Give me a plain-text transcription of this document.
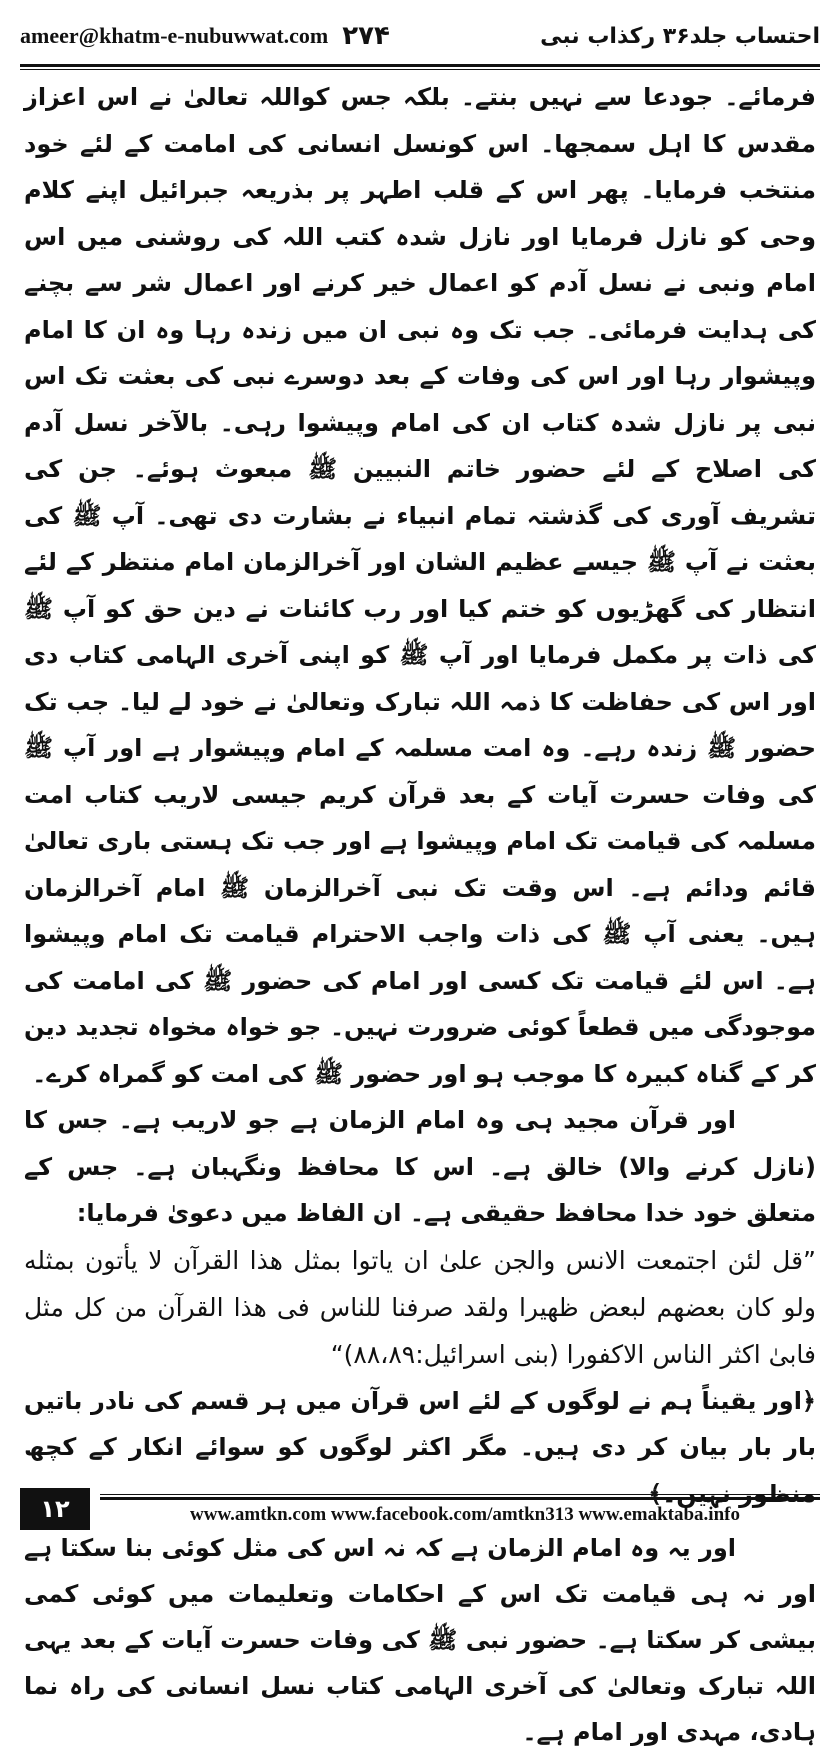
ameer@khatm-e-nubuwwat.com ۲۷۴	احتساب جلد۳۶ رکذاب نبی

فرمائے۔ جودعا سے نہیں بنتے۔ بلکہ جس کواللہ تعالیٰ نے اس اعزاز مقدس کا اہل سمجھا۔ اس کونسل انسانی کی امامت کے لئے خود منتخب فرمایا۔ پھر اس کے قلب اطہر پر بذریعہ جبرائیل اپنے کلام وحی کو نازل فرمایا اور نازل شدہ کتب اللہ کی روشنی میں اس امام ونبی نے نسل آدم کو اعمال خیر کرنے اور اعمال شر سے بچنے کی ہدایت فرمائی۔ جب تک وہ نبی ان میں زندہ رہا وہ ان کا امام وپیشوار رہا اور اس کی وفات کے بعد دوسرے نبی کی بعثت تک اس نبی پر نازل شدہ کتاب ان کی امام وپیشوا رہی۔ بالآخر نسل آدم کی اصلاح کے لئے حضور خاتم النبیین ﷺ مبعوث ہوئے۔ جن کی تشریف آوری کی گذشتہ تمام انبیاء نے بشارت دی تھی۔ آپ ﷺ کی بعثت نے آپ ﷺ جیسے عظیم الشان اور آخرالزمان امام منتظر کے لئے انتظار کی گھڑیوں کو ختم کیا اور رب کائنات نے دین حق کو آپ ﷺ کی ذات پر مکمل فرمایا اور آپ ﷺ کو اپنی آخری الہامی کتاب دی اور اس کی حفاظت کا ذمہ اللہ تبارک وتعالیٰ نے خود لے لیا۔ جب تک حضور ﷺ زندہ رہے۔ وہ امت مسلمہ کے امام وپیشوار ہے اور آپ ﷺ کی وفات حسرت آیات کے بعد قرآن کریم جیسی لاریب کتاب امت مسلمہ کی قیامت تک امام وپیشوا ہے اور جب تک ہستی باری تعالیٰ قائم ودائم ہے۔ اس وقت تک نبی آخرالزمان ﷺ امام آخرالزمان ہیں۔ یعنی آپ ﷺ کی ذات واجب الاحترام قیامت تک امام وپیشوا ہے۔ اس لئے قیامت تک کسی اور امام کی حضور ﷺ کی امامت کی موجودگی میں قطعاً کوئی ضرورت نہیں۔ جو خواہ مخواہ تجدید دین کر کے گناہ کبیرہ کا موجب ہو اور حضور ﷺ کی امت کو گمراہ کرے۔

اور قرآن مجید ہی وہ امام الزمان ہے جو لاریب ہے۔ جس کا (نازل کرنے والا) خالق ہے۔ اس کا محافظ ونگہبان ہے۔ جس کے متعلق خود خدا محافظ حقیقی ہے۔ ان الفاظ میں دعویٰ فرمایا:

”قل لئن اجتمعت الانس والجن علیٰ ان یاتوا بمثل هذا القرآن لا یأتون بمثله ولو کان بعضهم لبعض ظهیرا ولقد صرفنا للناس فی هذا القرآن من کل مثل فابیٰ اکثر الناس الاکفورا (بنی اسرائیل:۸۸،۸۹)“

﴿اور یقیناً ہم نے لوگوں کے لئے اس قرآن میں ہر قسم کی نادر باتیں بار بار بیان کر دی ہیں۔ مگر اکثر لوگوں کو سوائے انکار کے کچھ منظور نہیں۔﴾

اور یہ وہ امام الزمان ہے کہ نہ اس کی مثل کوئی بنا سکتا ہے اور نہ ہی قیامت تک اس کے احکامات وتعلیمات میں کوئی کمی بیشی کر سکتا ہے۔ حضور نبی ﷺ کی وفات حسرت آیات کے بعد یہی اللہ تبارک وتعالیٰ کی آخری الہامی کتاب نسل انسانی کی راہ نما ہادی، مہدی اور امام ہے۔

۱۲	www.amtkn.com www.facebook.com/amtkn313 www.emaktaba.info
